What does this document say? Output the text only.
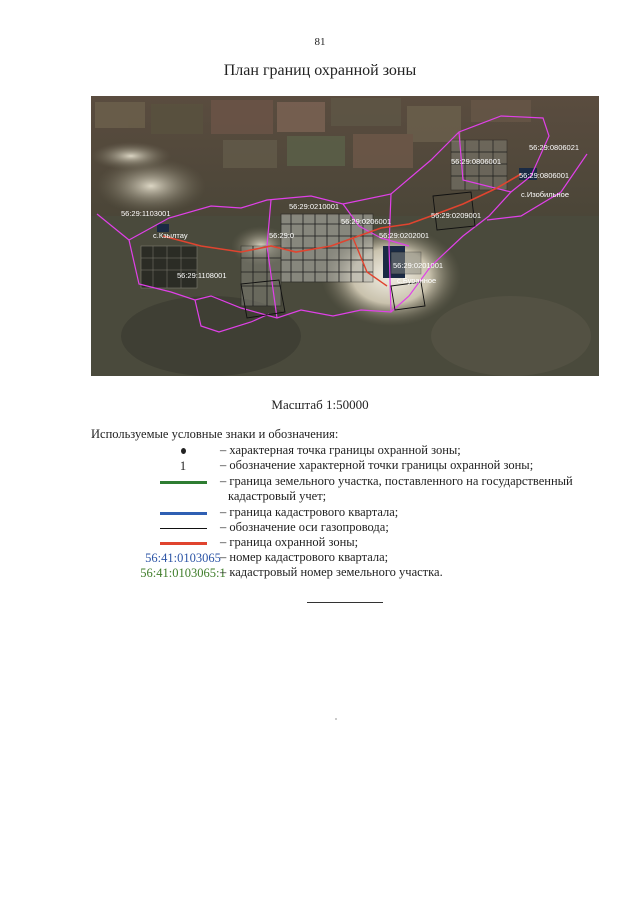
81
План границ охранной зоны
56:29:0806001
56:29:0806021
56:29:0806001
с.Изобильное
56:29:1103001
с.Кзылтау
56:29:0210001
56:29:0206001
56:29:0
56:29:1108001
56:29:0209001
56:29:0202001
56:29:0201001
с.Буранное
Масштаб 1:50000
Используемые условные знаки и обозначения:
– характерная точка границы охранной зоны;
1	– обозначение характерной точки границы охранной зоны;
– граница земельного участка, поставленного на государственный
кадастровый учет;
– граница кадастрового квартала;
– обозначение оси газопровода;
– граница охранной зоны;
56:41:0103065 – номер кадастрового квартала;
56:41:0103065:1
– кадастровый номер земельного участка.
